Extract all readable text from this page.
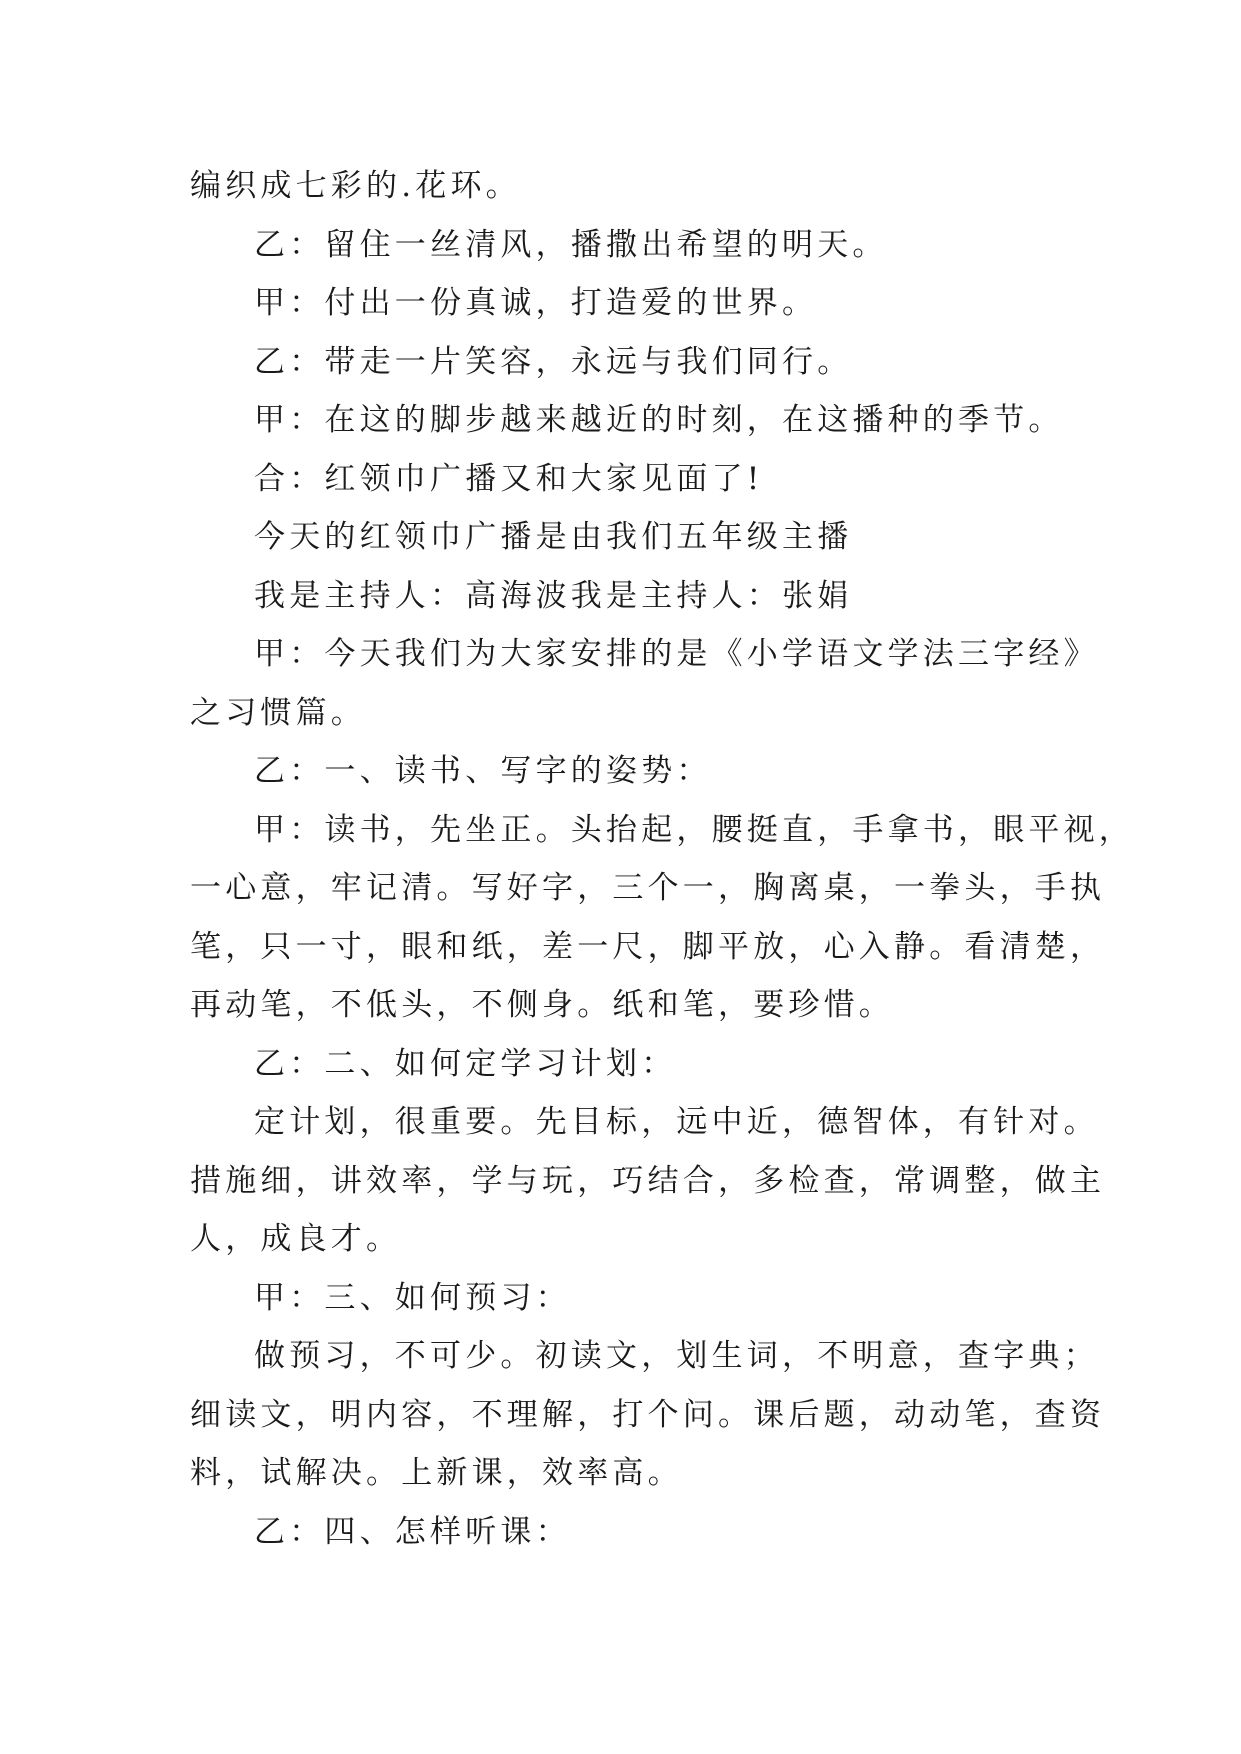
编织成七彩的.花环。

乙：留住一丝清风，播撒出希望的明天。

甲：付出一份真诚，打造爱的世界。

乙：带走一片笑容，永远与我们同行。

甲：在这的脚步越来越近的时刻，在这播种的季节。

合：红领巾广播又和大家见面了!

今天的红领巾广播是由我们五年级主播

我是主持人：高海波我是主持人：张娟

甲：今天我们为大家安排的是《小学语文学法三字经》

之习惯篇。

乙：一、读书、写字的姿势：

甲：读书，先坐正。头抬起，腰挺直，手拿书，眼平视，

一心意，牢记清。写好字，三个一，胸离桌，一拳头，手执

笔，只一寸，眼和纸，差一尺，脚平放，心入静。看清楚，

再动笔，不低头，不侧身。纸和笔，要珍惜。

乙：二、如何定学习计划：

定计划，很重要。先目标，远中近，德智体，有针对。

措施细，讲效率，学与玩，巧结合，多检查，常调整，做主

人，成良才。

甲：三、如何预习：

做预习，不可少。初读文，划生词，不明意，查字典；

细读文，明内容，不理解，打个问。课后题，动动笔，查资

料，试解决。上新课，效率高。

乙：四、怎样听课：
